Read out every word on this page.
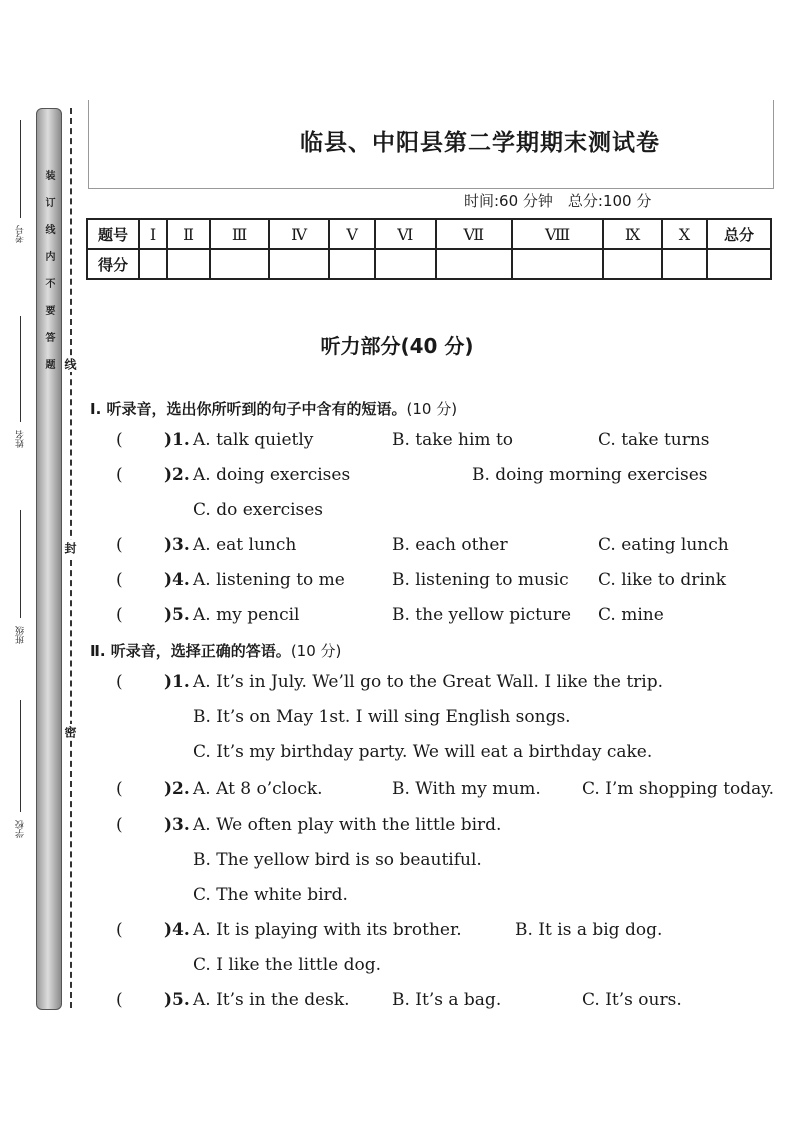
装订线内不要答题 线
封
密
考号
姓名
班级
学校
临县、中阳县第二学期期末测试卷
时间:60 分钟　总分:100 分
题号	Ⅰ	Ⅱ	Ⅲ	Ⅳ	Ⅴ	Ⅵ	Ⅶ	Ⅷ	Ⅸ	Ⅹ	总分
得分											
听力部分(40 分)
Ⅰ. 听录音，选出你所听到的句子中含有的短语。(10 分)
( )1. A. talk quietly	B. take him to	C. take turns
( )2. A. doing exercises	B. doing morning exercises
C. do exercises
( )3. A. eat lunch	B. each other	C. eating lunch
( )4. A. listening to me	B. listening to music C. like to drink
( )5. A. my pencil	B. the yellow picture C. mine
Ⅱ. 听录音，选择正确的答语。(10 分)
( )1. A. It’s in July. We’ll go to the Great Wall. I like the trip.
B. It’s on May 1st. I will sing English songs.
C. It’s my birthday party. We will eat a birthday cake.
( )2. A. At 8 o’clock.	B. With my mum. C. I’m shopping today.
( )3. A. We often play with the little bird.
B. The yellow bird is so beautiful.
C. The white bird.
( )4. A. It is playing with its brother.	B. It is a big dog.
C. I like the little dog.
( )5. A. It’s in the desk. B. It’s a bag.	C. It’s ours.
